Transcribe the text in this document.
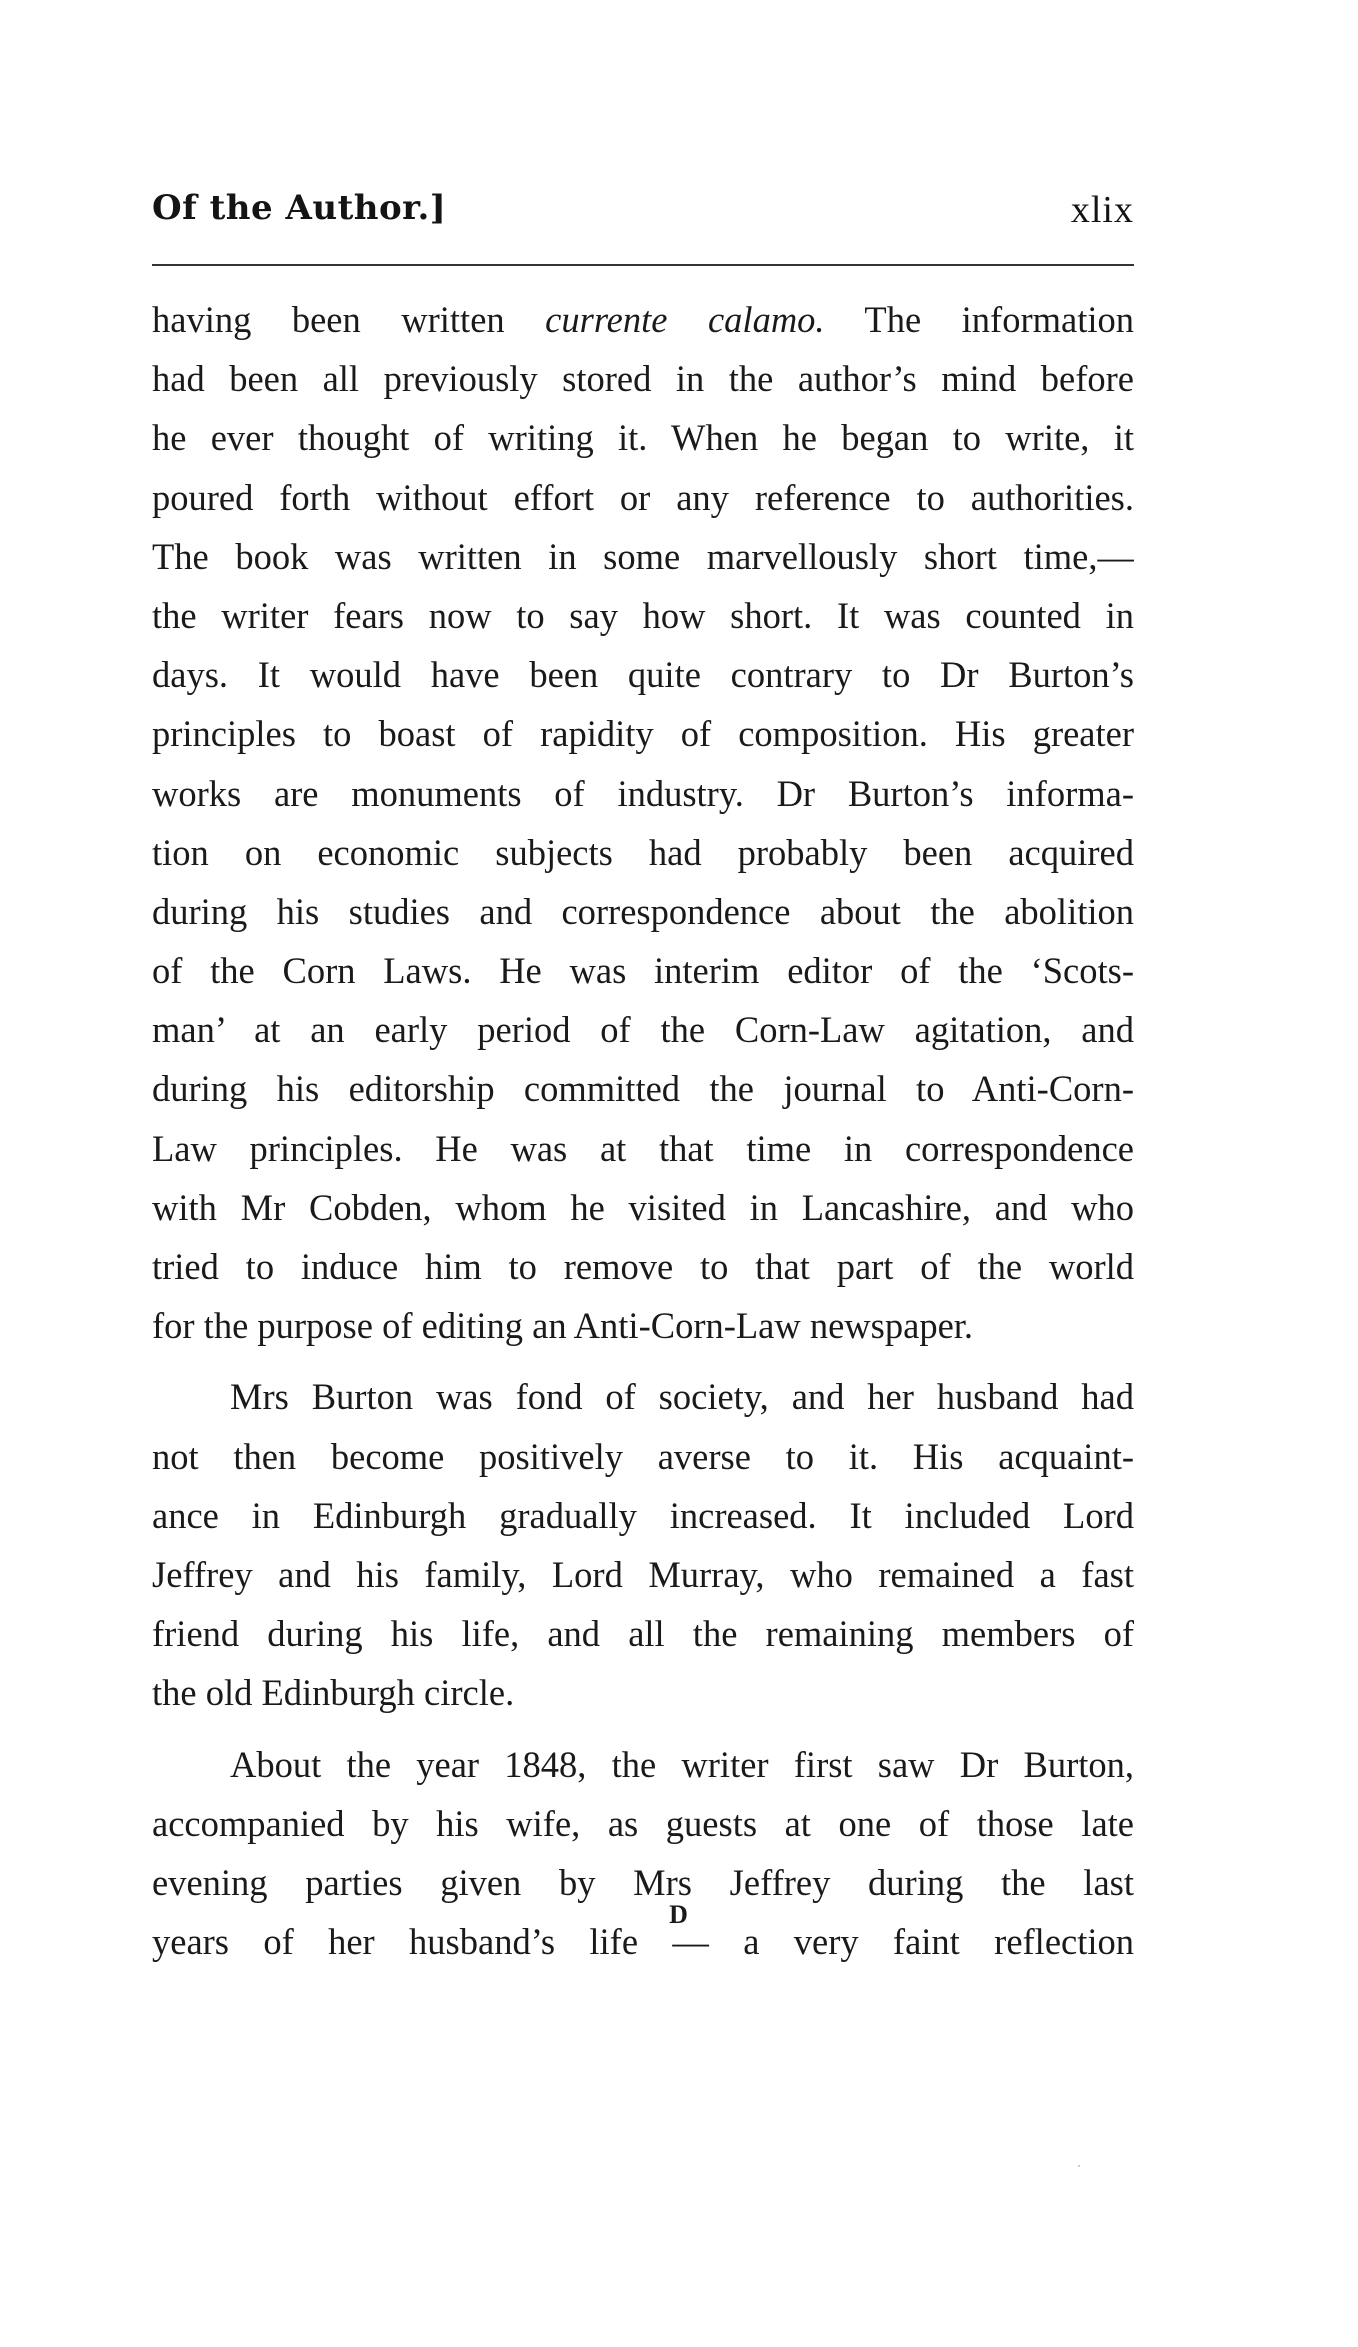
Of the Author.]	xlix
having been written currente calamo. The information
had been all previously stored in the author’s mind before
he ever thought of writing it. When he began to write, it
poured forth without effort or any reference to authorities.
The book was written in some marvellously short time,—
the writer fears now to say how short. It was counted in
days. It would have been quite contrary to Dr Burton’s
principles to boast of rapidity of composition. His greater
works are monuments of industry. Dr Burton’s informa-
tion on economic subjects had probably been acquired
during his studies and correspondence about the abolition
of the Corn Laws. He was interim editor of the ‘Scots-
man’ at an early period of the Corn-Law agitation, and
during his editorship committed the journal to Anti-Corn-
Law principles. He was at that time in correspondence
with Mr Cobden, whom he visited in Lancashire, and who
tried to induce him to remove to that part of the world
for the purpose of editing an Anti-Corn-Law newspaper.
Mrs Burton was fond of society, and her husband had
not then become positively averse to it. His acquaint-
ance in Edinburgh gradually increased. It included Lord
Jeffrey and his family, Lord Murray, who remained a fast
friend during his life, and all the remaining members of
the old Edinburgh circle.
About the year 1848, the writer first saw Dr Burton,
accompanied by his wife, as guests at one of those late
evening parties given by Mrs Jeffrey during the last
years of her husband’s life — a very faint reflection
D
